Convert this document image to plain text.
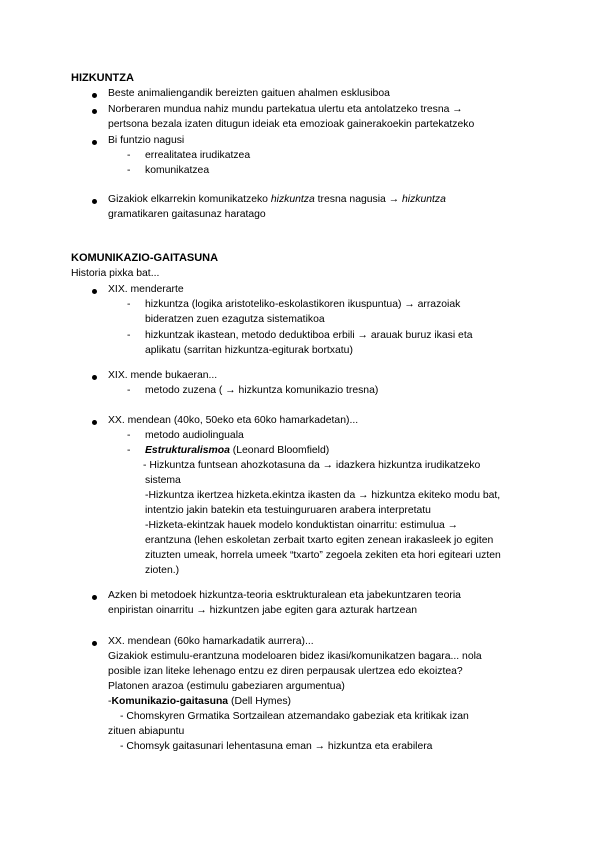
HIZKUNTZA
Beste animaliengandik bereizten gaituen ahalmen esklusiboa
Norberaren mundua nahiz mundu partekatua ulertu eta antolatzeko tresna →
pertsona bezala izaten ditugun ideiak eta emozioak gainerakoekin partekatzeko
Bi funtzio nagusi
- errealitatea irudikatzea
- komunikatzea
Gizakiok elkarrekin komunikatzeko hizkuntza tresna nagusia → hizkuntza
gramatikaren gaitasunaz haratago
KOMUNIKAZIO-GAITASUNA
Historia pixka bat...
XIX. menderarte
- hizkuntza (logika aristoteliko-eskolastikoren ikuspuntua) → arrazoiak
bideratzen zuen ezagutza sistematikoa
- hizkuntzak ikastean, metodo deduktiboa erbili → arauak buruz ikasi eta
aplikatu (sarritan hizkuntza-egiturak bortxatu)
XIX. mende bukaeran...
- metodo zuzena ( → hizkuntza komunikazio tresna)
XX. mendean (40ko, 50eko eta 60ko hamarkadetan)...
- metodo audiolinguala
- Estrukturalismoa (Leonard Bloomfield)
- Hizkuntza funtsean ahozkotasuna da → idazkera hizkuntza irudikatzeko
sistema
-Hizkuntza ikertzea hizketa.ekintza ikasten da → hizkuntza ekiteko modu bat,
intentzio jakin batekin eta testuinguruaren arabera interpretatu
-Hizketa-ekintzak hauek modelo konduktistan oinarritu: estimulua →
erantzuna (lehen eskoletan zerbait txarto egiten zenean irakasleek jo egiten
zituzten umeak, horrela umeek “txarto” zegoela zekiten eta hori egiteari uzten
zioten.)
Azken bi metodoek hizkuntza-teoria esktrukturalean eta jabekuntzaren teoria
enpiristan oinarritu → hizkuntzen jabe egiten gara azturak hartzean
XX. mendean (60ko hamarkadatik aurrera)...
Gizakiok estimulu-erantzuna modeloaren bidez ikasi/komunikatzen bagara... nola
posible izan liteke lehenago entzu ez diren perpausak ulertzea edo ekoiztea?
Platonen arazoa (estimulu gabeziaren argumentua)
-Komunikazio-gaitasuna (Dell Hymes)
- Chomskyren Grmatika Sortzailean atzemandako gabeziak eta kritikak izan
zituen abiapuntu
- Chomsyk gaitasunari lehentasuna eman → hizkuntza eta erabilera
